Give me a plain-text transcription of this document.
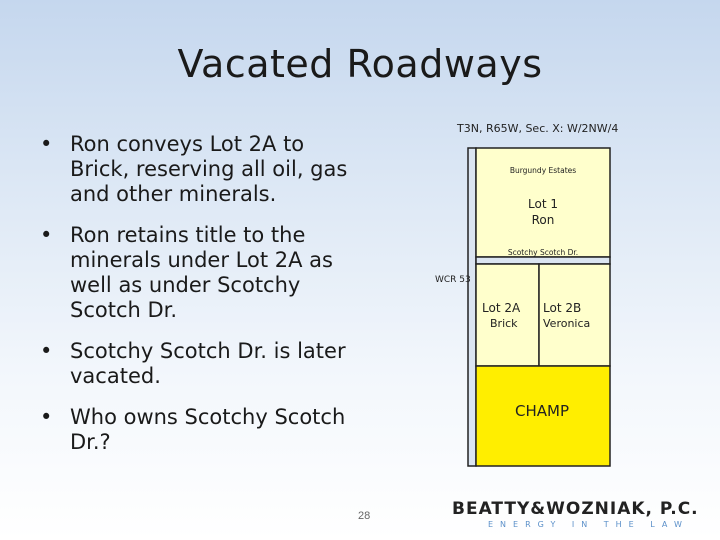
Vacated Roadways
• Ron conveys Lot 2A to Brick, reserving all oil, gas and other minerals.
• Ron retains title to the minerals under Lot 2A as well as under Scotchy Scotch Dr.
• Scotchy Scotch Dr. is later vacated.
• Who owns Scotchy Scotch Dr.?
T3N, R65W, Sec. X: W/2NW/4
Burgundy Estates
Lot 1
Ron
Scotchy Scotch Dr.
WCR 53
Lot 2A
Brick
Lot 2B
Veronica
CHAMP
28	BEATTY&WOZNIAK, P.C.
ENERGY IN THE LAW
